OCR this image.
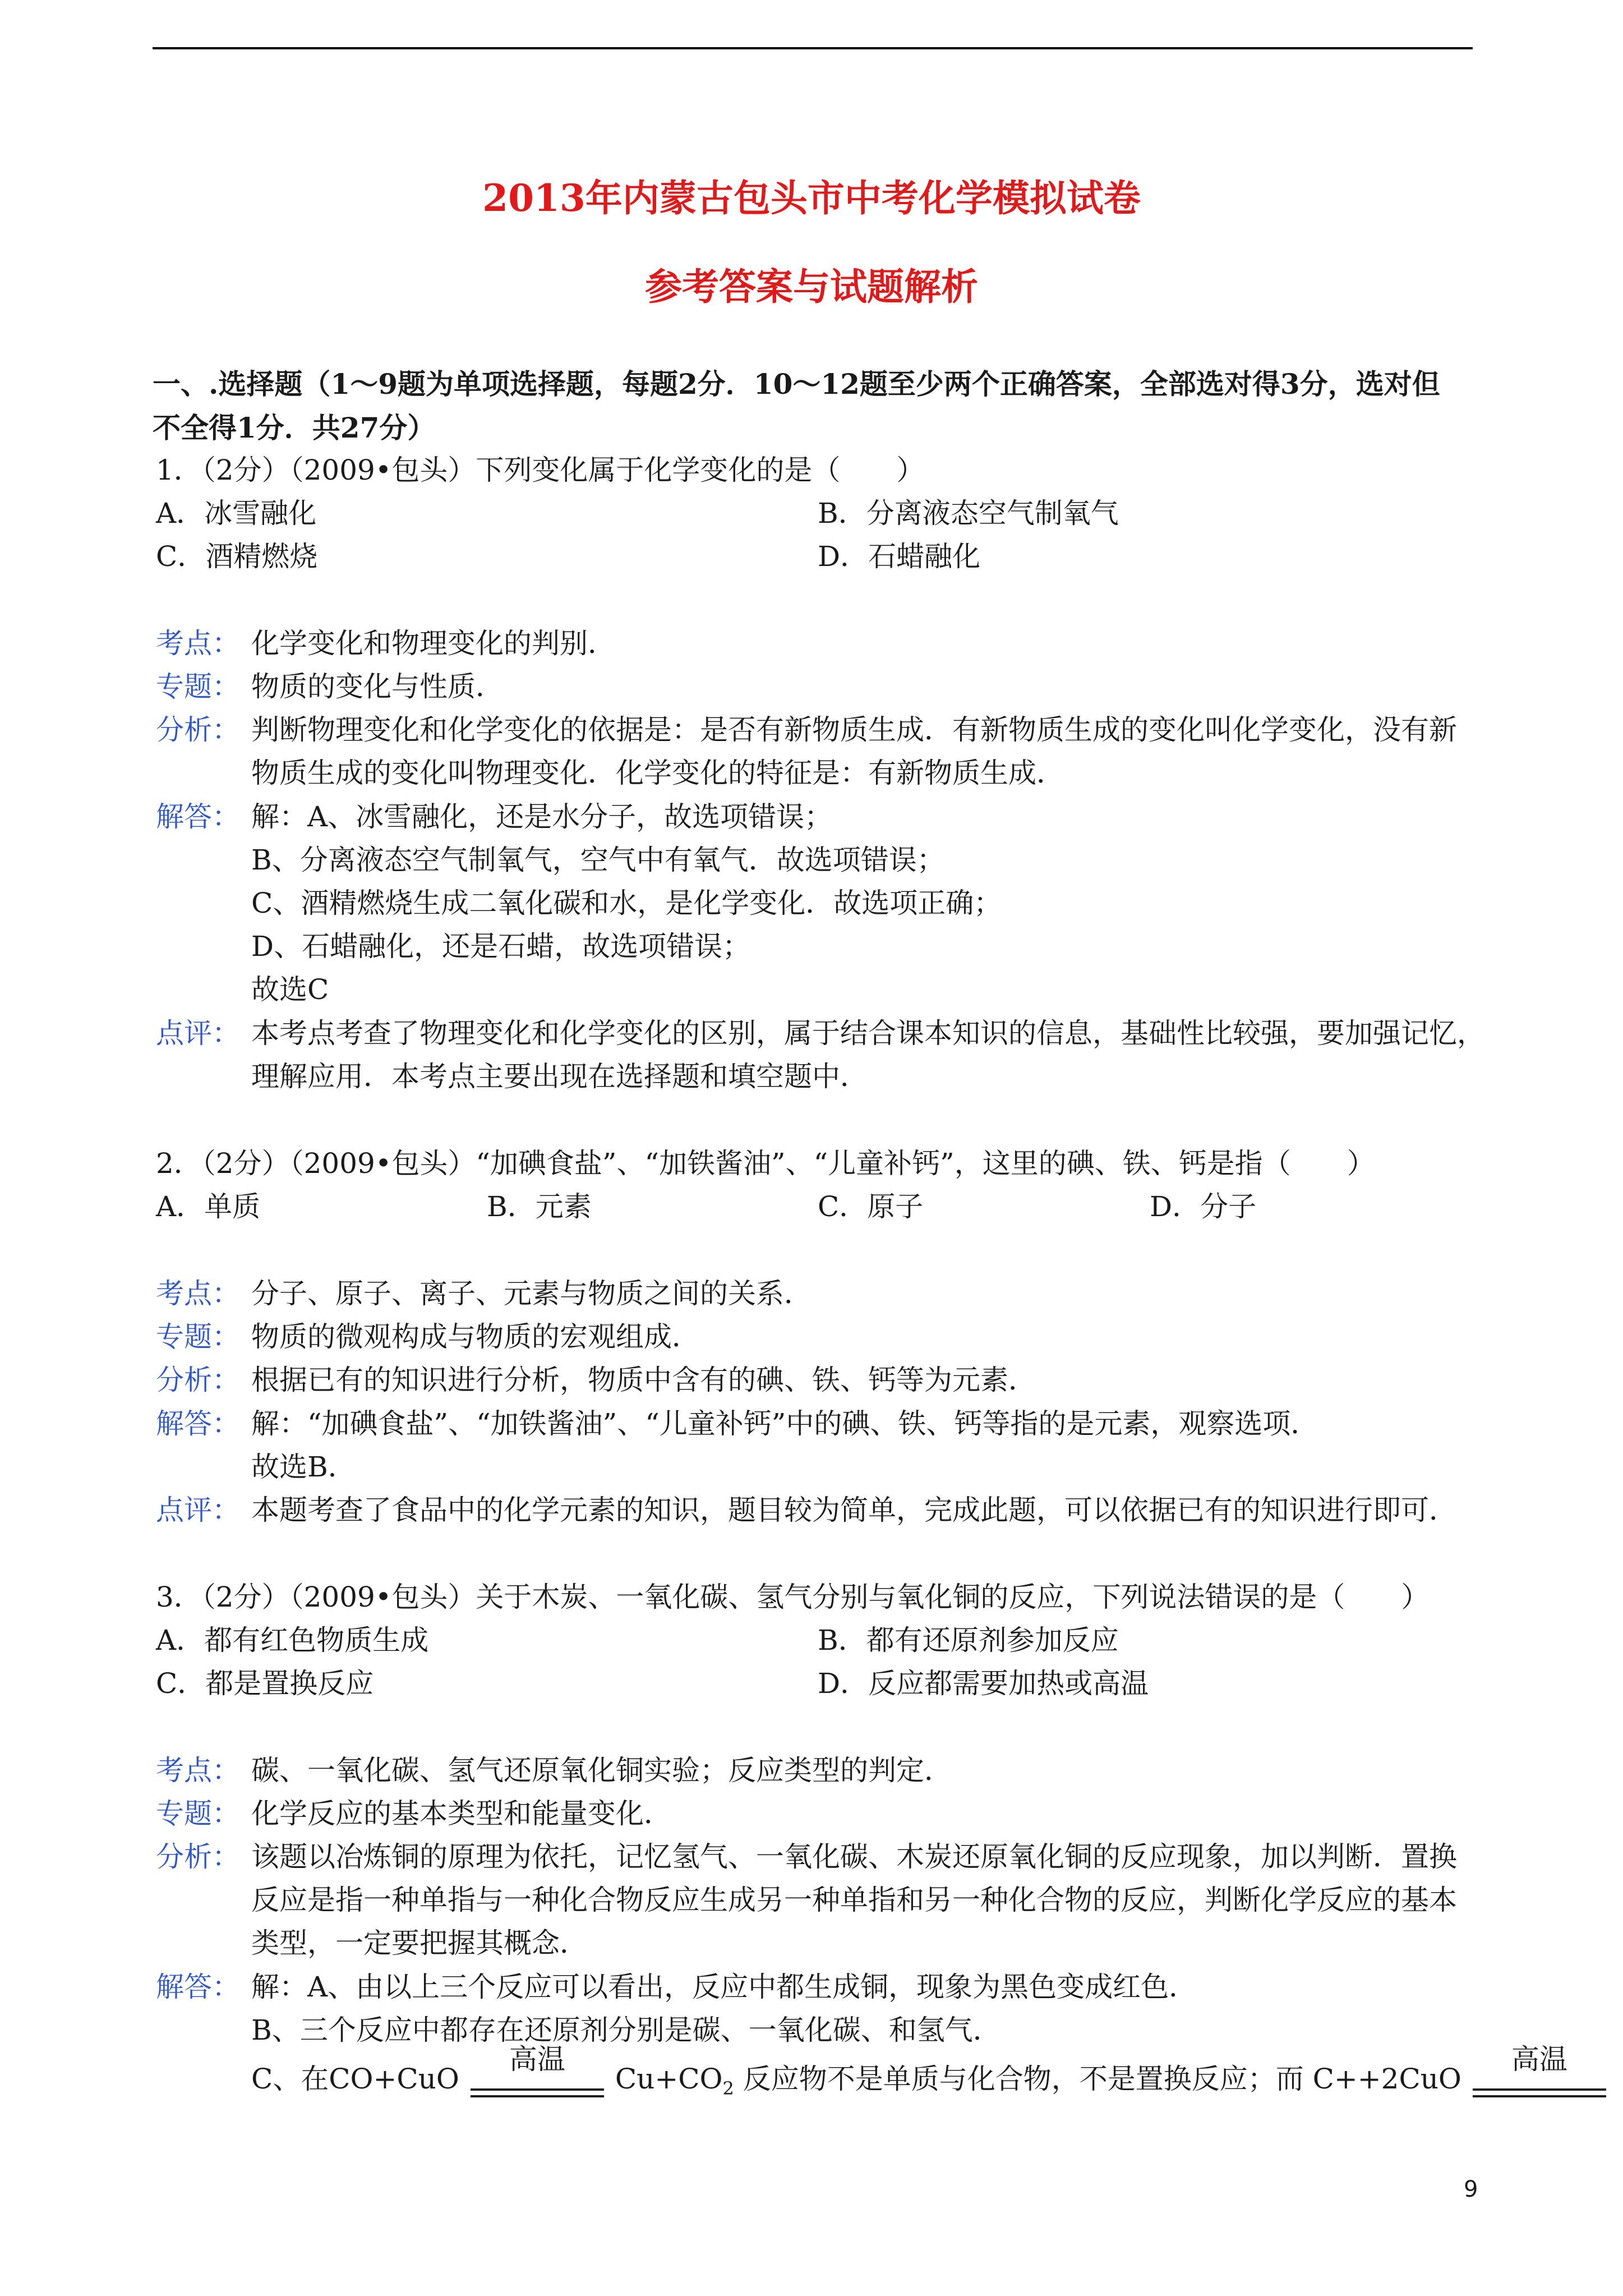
2013年内蒙古包头市中考化学模拟试卷
参考答案与试题解析
一、.选择题（1～9题为单项选择题，每题2分．10～12题至少两个正确答案，全部选对得3分，选对但
不全得1分．共27分）
1．（2分）（2009•包头）下列变化属于化学变化的是（　　）
A．冰雪融化	B．分离液态空气制氧气
C．酒精燃烧	D．石蜡融化
考点： 化学变化和物理变化的判别．
专题： 物质的变化与性质．
分析： 判断物理变化和化学变化的依据是：是否有新物质生成．有新物质生成的变化叫化学变化，没有新
物质生成的变化叫物理变化．化学变化的特征是：有新物质生成．
解答： 解：A、冰雪融化，还是水分子，故选项错误；
B、分离液态空气制氧气，空气中有氧气．故选项错误；
C、酒精燃烧生成二氧化碳和水，是化学变化．故选项正确；
D、石蜡融化，还是石蜡，故选项错误；
故选C
点评： 本考点考查了物理变化和化学变化的区别，属于结合课本知识的信息，基础性比较强，要加强记忆，
理解应用．本考点主要出现在选择题和填空题中．
2．（2分）（2009•包头）“加碘食盐”、“加铁酱油”、“儿童补钙”，这里的碘、铁、钙是指（　　）
A．单质	B．元素	C．原子	D．分子
考点： 分子、原子、离子、元素与物质之间的关系．
专题： 物质的微观构成与物质的宏观组成．
分析： 根据已有的知识进行分析，物质中含有的碘、铁、钙等为元素．
解答： 解：“加碘食盐”、“加铁酱油”、“儿童补钙”中的碘、铁、钙等指的是元素，观察选项．
故选B．
点评： 本题考查了食品中的化学元素的知识，题目较为简单，完成此题，可以依据已有的知识进行即可．
3．（2分）（2009•包头）关于木炭、一氧化碳、氢气分别与氧化铜的反应，下列说法错误的是（　　）
A．都有红色物质生成	B．都有还原剂参加反应
C．都是置换反应	D．反应都需要加热或高温
考点： 碳、一氧化碳、氢气还原氧化铜实验；反应类型的判定．
专题： 化学反应的基本类型和能量变化．
分析： 该题以冶炼铜的原理为依托，记忆氢气、一氧化碳、木炭还原氧化铜的反应现象，加以判断．置换
反应是指一种单指与一种化合物反应生成另一种单指和另一种化合物的反应，判断化学反应的基本
类型，一定要把握其概念．
解答： 解：A、由以上三个反应可以看出，反应中都生成铜，现象为黑色变成红色．
B、三个反应中都存在还原剂分别是碳、一氧化碳、和氢气．
C、在CO+CuO
高温
$Cu+CO_2$ 反应物不是单质与化合物，不是置换反应；而 C++2CuO
高温
9
